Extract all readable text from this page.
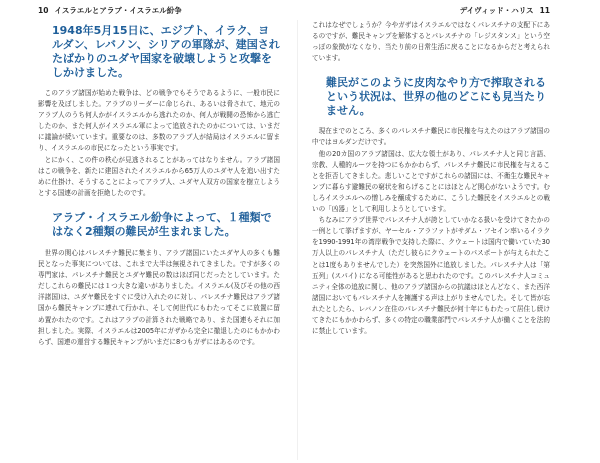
10 イスラエルとアラブ・イスラエル紛争

1948年5月15日に、エジプト、イラク、ヨルダン、レバノン、シリアの軍隊が、建国されたばかりのユダヤ国家を破壊しようと攻撃をしかけました。

このアラブ諸国が始めた戦争は、どの戦争でもそうであるように、一般市民に影響を及ぼしました。アラブのリーダーに命じられ、あるいは脅されて、地元のアラブ人のうち何人かがイスラエルから逃れたのか、何人が戦闘の恐怖から逃亡したのか、また何人がイスラエル軍によって追放されたのかについては、いまだに議論が続いています。重要なのは、多数のアラブ人が結局はイスラエルに留まり、イスラエルの市民になったという事実です。

とにかく、この件の秩心が見逃されることがあってはなりません。アラブ諸国はこの戦争を、新たに建国されたイスラエルから65万人のユダヤ人を追い出すために仕掛け、そうすることによってアラブ人、ユダヤ人双方の国家を樹立しようとする国連の計画を拒絶したのです。

アラブ・イスラエル紛争によって、１種類ではなく2種類の難民が生まれました。

世界の関心はパレスチナ難民に集まり、アラブ諸国にいたユダヤ人の多くも難民となった事実については、これまで大半は無視されてきました。ですが多くの専門家は、パレスチナ難民とユダヤ難民の数はほぼ同じだったとしています。ただしこれらの難民には１つ大きな違いがありました。イスラエル(及びその他の西洋諸国)は、ユダヤ難民をすぐに受け入れたのに対し、パレスチナ難民はアラブ諸国から難民キャンプに連れて行かれ、そして何世代にもわたってそこに放置に留め置かれたのです。これはアラブの計算された戦略であり、また国連もそれに加担しました。実際、イスラエルは2005年にガザから完全に撤退したのにもかかわらず、国連の運営する難民キャンプがいまだに8つもガザにはあるのです。

デイヴィッド・ハリス 11

これはなぜでしょうか？今やガザはイスラエルではなくパレスチナの支配下にあるのですが、難民キャンプを解体するとパレスチナの「レジスタンス」という空っぽの象徴がなくなり、当たり前の日常生活に戻ることになるからだと考えられています。

難民がこのように皮肉なやり方で搾取されるという状況は、世界の他のどこにも見当たりません。

現在までのところ、多くのパレスチナ難民に市民権を与えたのはアラブ諸国の中ではヨルダンだけです。

他の20カ国のアラブ諸国は、広大な領土があり、パレスチナ人と同じ言語、宗教、人種的ルーツを持つにもかかわらず、パレスチナ難民に市民権を与えることを拒否してきました。悲しいことですがこれらの諸国には、不衛生な難民キャンプに暮らす避難民の窮状を和らげることにはほとんど関心がないようです。むしろイスラエルへの憎しみを醸成するために、こうした難民をイスラエルとの戦いの「凶器」として利用しようとしています。

ちなみにアラブ世界でパレスチナ人が誇としていかなる扱いを受けてきたかの一例として挙げますが、ヤーセル・アラファトがサダム・フセイン率いるイラクを1990-1991年の湾岸戦争で支持した際に、クウェートは国内で働いていた30万人以上のパレスチナ人（ただし彼らにクウェートのパスポートが与えられたことは1度もありませんでした）を突然国外に追放しました。パレスチナ人は「第五列」(スパイ) になる可能性があると思われたのです。このパレスチナ人コミュニティ全体の追放に関し、他のアラブ諸国からの抗議はほとんどなく、また西洋諸国においてもパレスチナ人を擁護する声は上がりませんでした。そして皆が忘れたとしたら、レバノン在住のパレスチナ難民が何十年にもわたって居住し続けてきたにもかかわらず、多くの特定の職業部門でパレスチナ人が働くことを法的に禁止しています。
